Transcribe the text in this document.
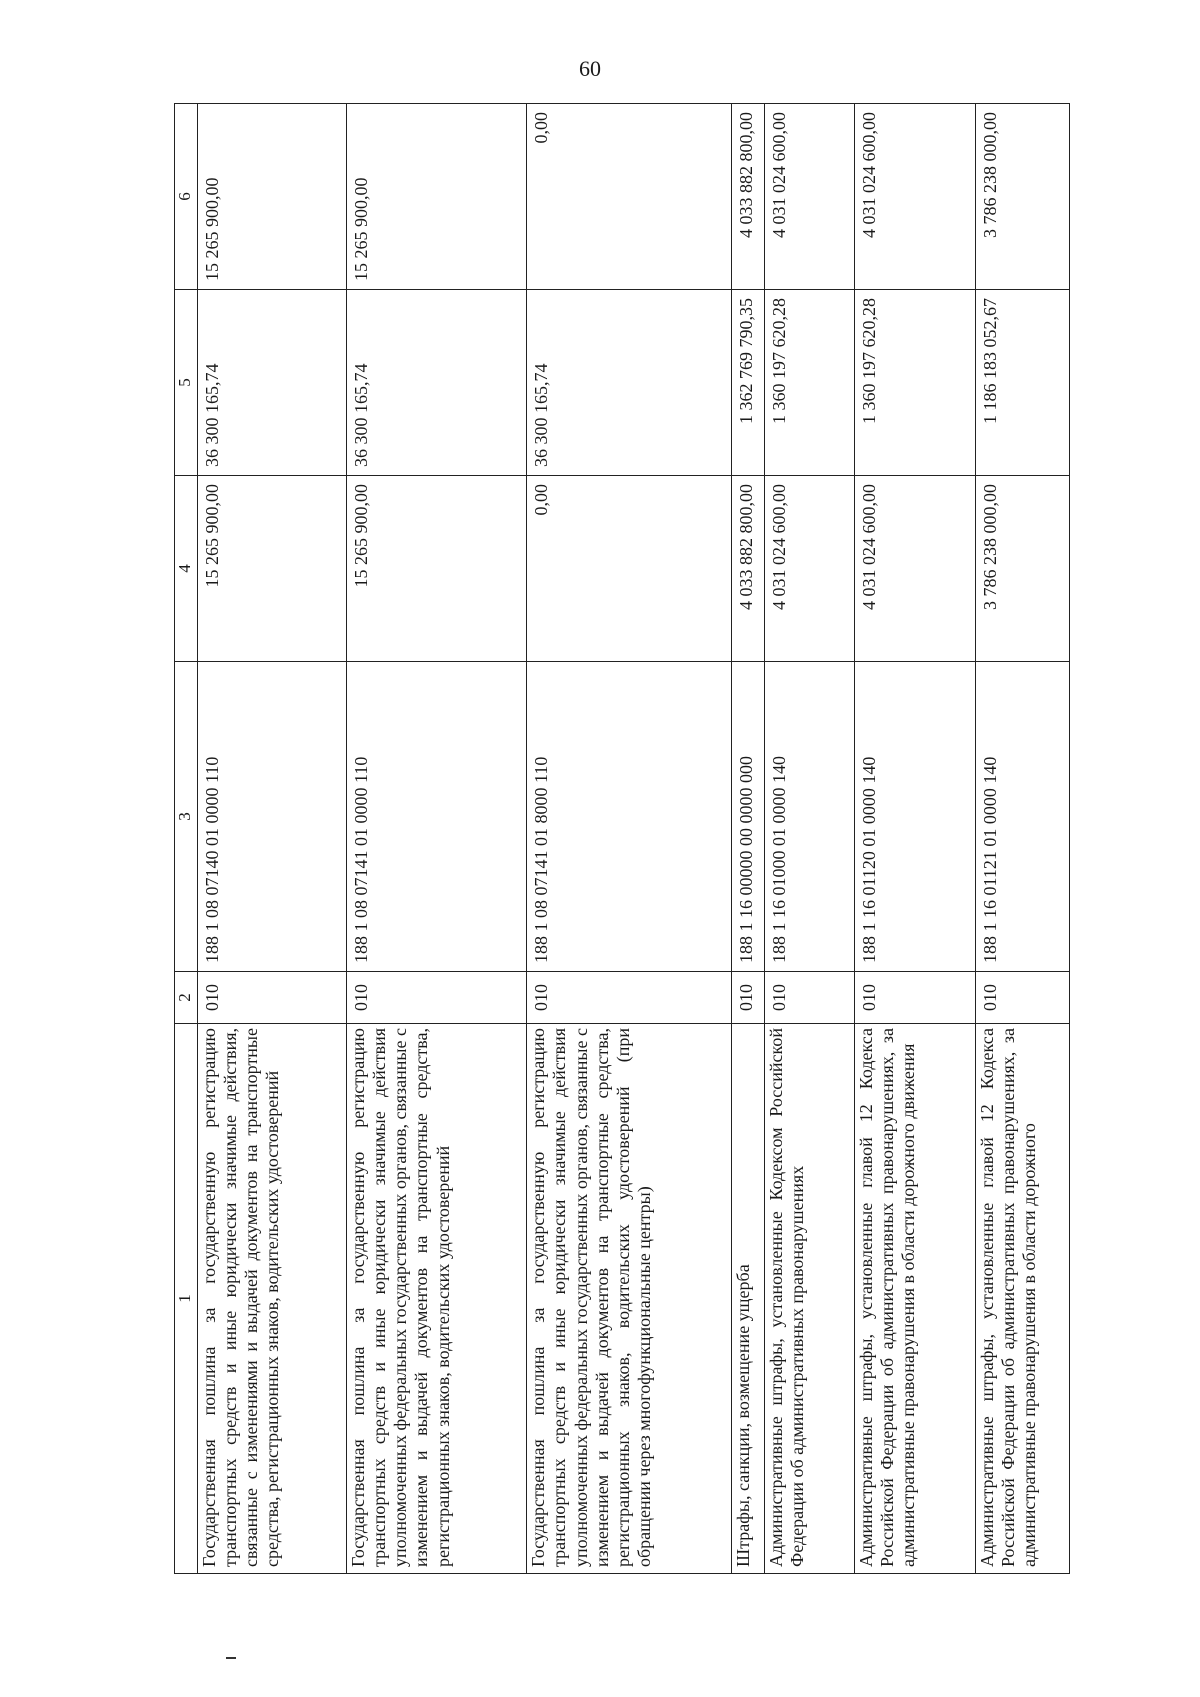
60
1	2	3	4	5	6
Государственная пошлина за государственную регистрацию транспортных средств и иные юридически значимые действия, связанные с изменениями и выдачей документов на транспортные средства, регистрационных знаков, водительских удостоверений	010	188 1 08 07140 01 0000 110	15 265 900,00	36 300 165,74	15 265 900,00
Государственная пошлина за государственную регистрацию транспортных средств и иные юридически значимые действия уполномоченных федеральных государственных органов, связанные с изменением и выдачей документов на транспортные средства, регистрационных знаков, водительских удостоверений	010	188 1 08 07141 01 0000 110	15 265 900,00	36 300 165,74	15 265 900,00
Государственная пошлина за государственную регистрацию транспортных средств и иные юридически значимые действия уполномоченных федеральных государственных органов, связанные с изменением и выдачей документов на транспортные средства, регистрационных знаков, водительских удостоверений (при обращении через многофункциональные центры)	010	188 1 08 07141 01 8000 110	0,00	36 300 165,74	0,00
Штрафы, санкции, возмещение ущерба	010	188 1 16 00000 00 0000 000	4 033 882 800,00	1 362 769 790,35	4 033 882 800,00
Административные штрафы, установленные Кодексом Российской Федерации об административных правонарушениях	010	188 1 16 01000 01 0000 140	4 031 024 600,00	1 360 197 620,28	4 031 024 600,00
Административные штрафы, установленные главой 12 Кодекса Российской Федерации об административных правонарушениях, за административные правонарушения в области дорожного движения	010	188 1 16 01120 01 0000 140	4 031 024 600,00	1 360 197 620,28	4 031 024 600,00
Административные штрафы, установленные главой 12 Кодекса Российской Федерации об административных правонарушениях, за административные правонарушения в области дорожного	010	188 1 16 01121 01 0000 140	3 786 238 000,00	1 186 183 052,67	3 786 238 000,00
